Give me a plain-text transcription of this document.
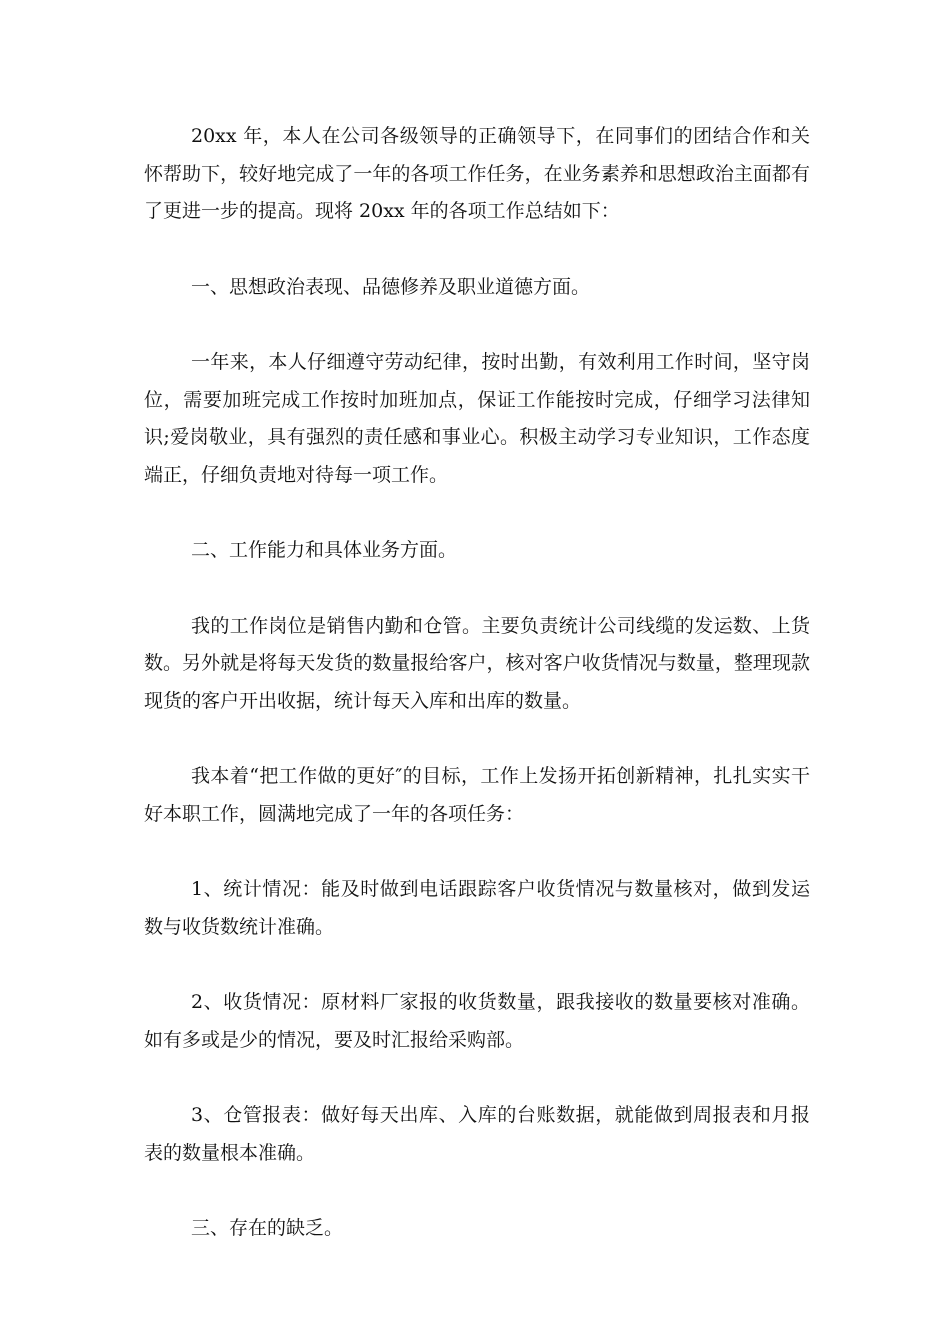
20xx 年，本人在公司各级领导的正确领导下，在同事们的团结合作和关怀帮助下，较好地完成了一年的各项工作任务，在业务素养和思想政治主面都有了更进一步的提高。现将 20xx 年的各项工作总结如下：

一、思想政治表现、品德修养及职业道德方面。

一年来，本人仔细遵守劳动纪律，按时出勤，有效利用工作时间，坚守岗位，需要加班完成工作按时加班加点，保证工作能按时完成，仔细学习法律知识;爱岗敬业，具有强烈的责任感和事业心。积极主动学习专业知识，工作态度端正，仔细负责地对待每一项工作。

二、工作能力和具体业务方面。

我的工作岗位是销售内勤和仓管。主要负责统计公司线缆的发运数、上货数。另外就是将每天发货的数量报给客户，核对客户收货情况与数量，整理现款现货的客户开出收据，统计每天入库和出库的数量。

我本着“把工作做的更好″的目标，工作上发扬开拓创新精神，扎扎实实干好本职工作，圆满地完成了一年的各项任务：

1、统计情况：能及时做到电话跟踪客户收货情况与数量核对，做到发运数与收货数统计准确。

2、收货情况：原材料厂家报的收货数量，跟我接收的数量要核对准确。如有多或是少的情况，要及时汇报给采购部。

3、仓管报表：做好每天出库、入库的台账数据，就能做到周报表和月报表的数量根本准确。

三、存在的缺乏。
